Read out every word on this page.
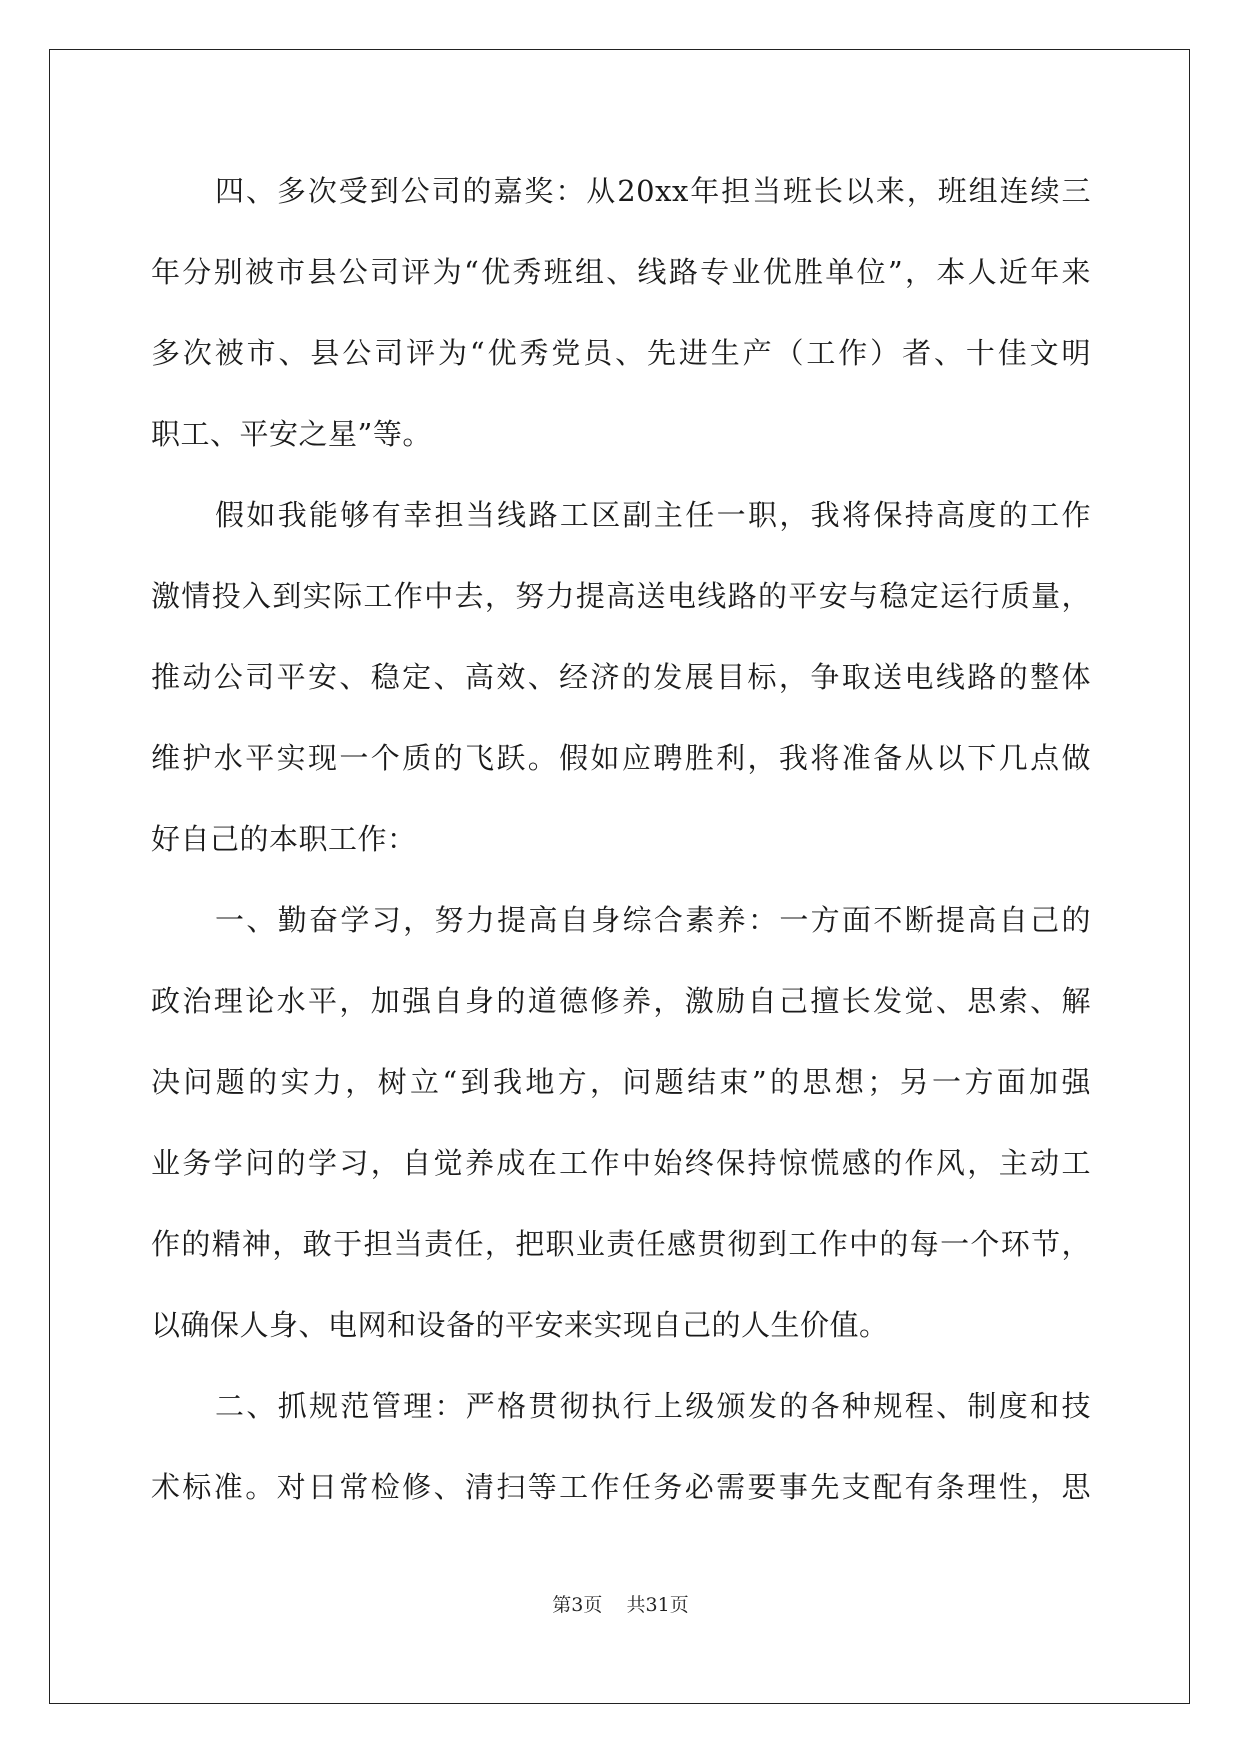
四、多次受到公司的嘉奖：从20xx年担当班长以来，班组连续三
年分别被市县公司评为“优秀班组、线路专业优胜单位”，本人近年来
多次被市、县公司评为“优秀党员、先进生产（工作）者、十佳文明
职工、平安之星”等。
假如我能够有幸担当线路工区副主任一职，我将保持高度的工作
激情投入到实际工作中去，努力提高送电线路的平安与稳定运行质量，
推动公司平安、稳定、高效、经济的发展目标，争取送电线路的整体
维护水平实现一个质的飞跃。假如应聘胜利，我将准备从以下几点做
好自己的本职工作：
一、勤奋学习，努力提高自身综合素养：一方面不断提高自己的
政治理论水平，加强自身的道德修养，激励自己擅长发觉、思索、解
决问题的实力，树立“到我地方，问题结束”的思想；另一方面加强
业务学问的学习，自觉养成在工作中始终保持惊慌感的作风，主动工
作的精神，敢于担当责任，把职业责任感贯彻到工作中的每一个环节，
以确保人身、电网和设备的平安来实现自己的人生价值。
二、抓规范管理：严格贯彻执行上级颁发的各种规程、制度和技
术标准。对日常检修、清扫等工作任务必需要事先支配有条理性，思
第3页 共31页
